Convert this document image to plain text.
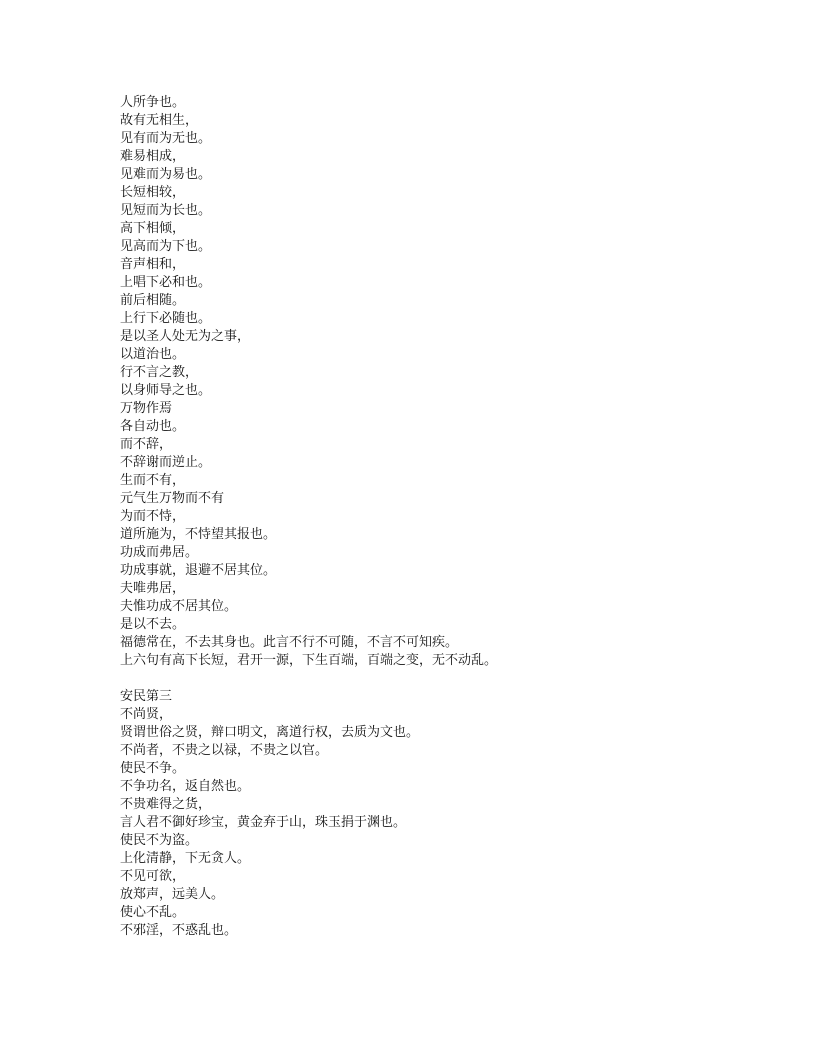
人所争也。
故有无相生，
见有而为无也。
难易相成，
见难而为易也。
长短相较，
见短而为长也。
高下相倾，
见高而为下也。
音声相和，
上唱下必和也。
前后相随。
上行下必随也。
是以圣人处无为之事，
以道治也。
行不言之教，
以身师导之也。
万物作焉
各自动也。
而不辞，
不辞谢而逆止。
生而不有，
元气生万物而不有
为而不恃，
道所施为，不恃望其报也。
功成而弗居。
功成事就，退避不居其位。
夫唯弗居，
夫惟功成不居其位。
是以不去。
福德常在，不去其身也。此言不行不可随，不言不可知疾。
上六句有高下长短，君开一源，下生百端，百端之变，无不动乱。
安民第三
不尚贤，
贤谓世俗之贤，辩口明文，离道行权，去质为文也。
不尚者，不贵之以禄，不贵之以官。
使民不争。
不争功名，返自然也。
不贵难得之货，
言人君不御好珍宝，黄金弃于山，珠玉捐于渊也。
使民不为盗。
上化清静，下无贪人。
不见可欲，
放郑声，远美人。
使心不乱。
不邪淫，不惑乱也。
